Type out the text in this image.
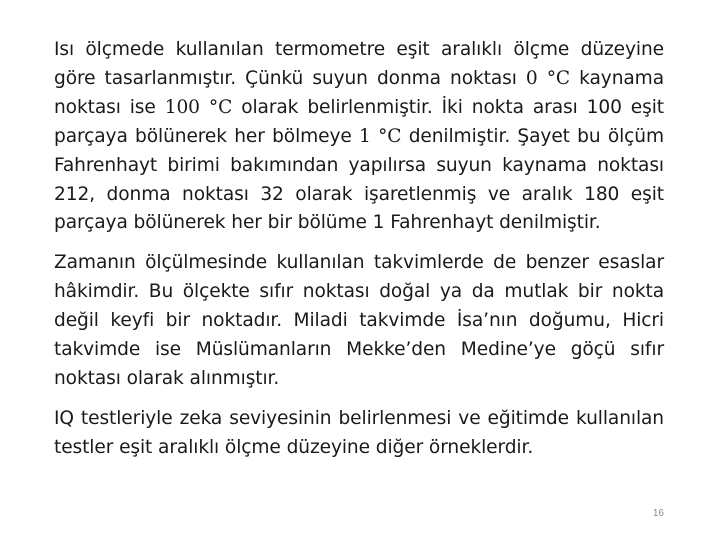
Isı ölçmede kullanılan termometre eşit aralıklı ölçme düzeyine göre tasarlanmıştır. Çünkü suyun donma noktası 0 °C kaynama noktası ise 100 °C olarak belirlenmiştir. İki nokta arası 100 eşit parçaya bölünerek her bölmeye 1 °C denilmiştir. Şayet bu ölçüm Fahrenhayt birimi bakımından yapılırsa suyun kaynama noktası 212, donma noktası 32 olarak işaretlenmiş ve aralık 180 eşit parçaya bölünerek her bir bölüme 1 Fahrenhayt denilmiştir.

Zamanın ölçülmesinde kullanılan takvimlerde de benzer esaslar hâkimdir. Bu ölçekte sıfır noktası doğal ya da mutlak bir nokta değil keyfi bir noktadır. Miladi takvimde İsa’nın doğumu, Hicri takvimde ise Müslümanların Mekke’den Medine’ye göçü sıfır noktası olarak alınmıştır.

IQ testleriyle zeka seviyesinin belirlenmesi ve eğitimde kullanılan testler eşit aralıklı ölçme düzeyine diğer örneklerdir.

16
